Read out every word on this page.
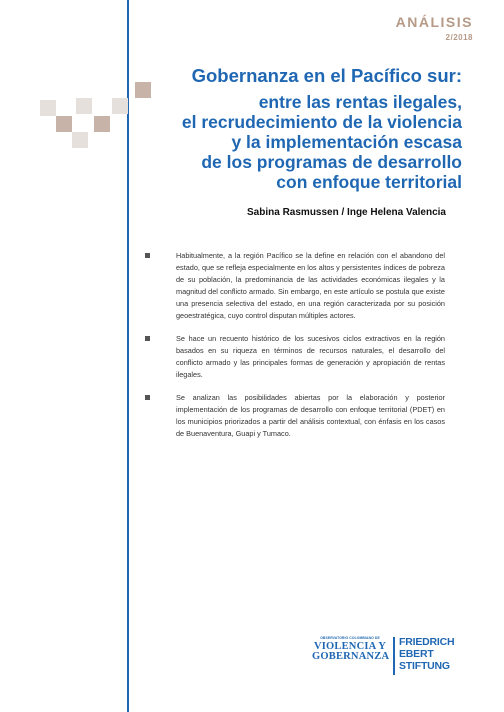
ANÁLISIS
2/2018
Gobernanza en el Pacífico sur:
entre las rentas ilegales,
el recrudecimiento de la violencia
y la implementación escasa
de los programas de desarrollo
con enfoque territorial
Sabina Rasmussen / Inge Helena Valencia
Habitualmente, a la región Pacífico se la define en relación con el abandono del estado, que se refleja especialmente en los altos y persistentes índices de pobreza de su población, la predominancia de las actividades económicas ilegales y la magnitud del conflicto armado. Sin embargo, en este artículo se postula que existe una presencia selectiva del estado, en una región caracterizada por su posición geoestratégica, cuyo control disputan múltiples actores.
Se hace un recuento histórico de los sucesivos ciclos extractivos en la región basados en su riqueza en términos de recursos naturales, el desarrollo del conflicto armado y las principales formas de generación y apropiación de rentas ilegales.
Se analizan las posibilidades abiertas por la elaboración y posterior implementación de los programas de desarrollo con enfoque territorial (PDET) en los municipios priorizados a partir del análisis contextual, con énfasis en los casos de Buenaventura, Guapi y Tumaco.
OBSERVATORIO COLOMBIANO DE
VIOLENCIA Y
GOBERNANZA
FRIEDRICH
EBERT
STIFTUNG
